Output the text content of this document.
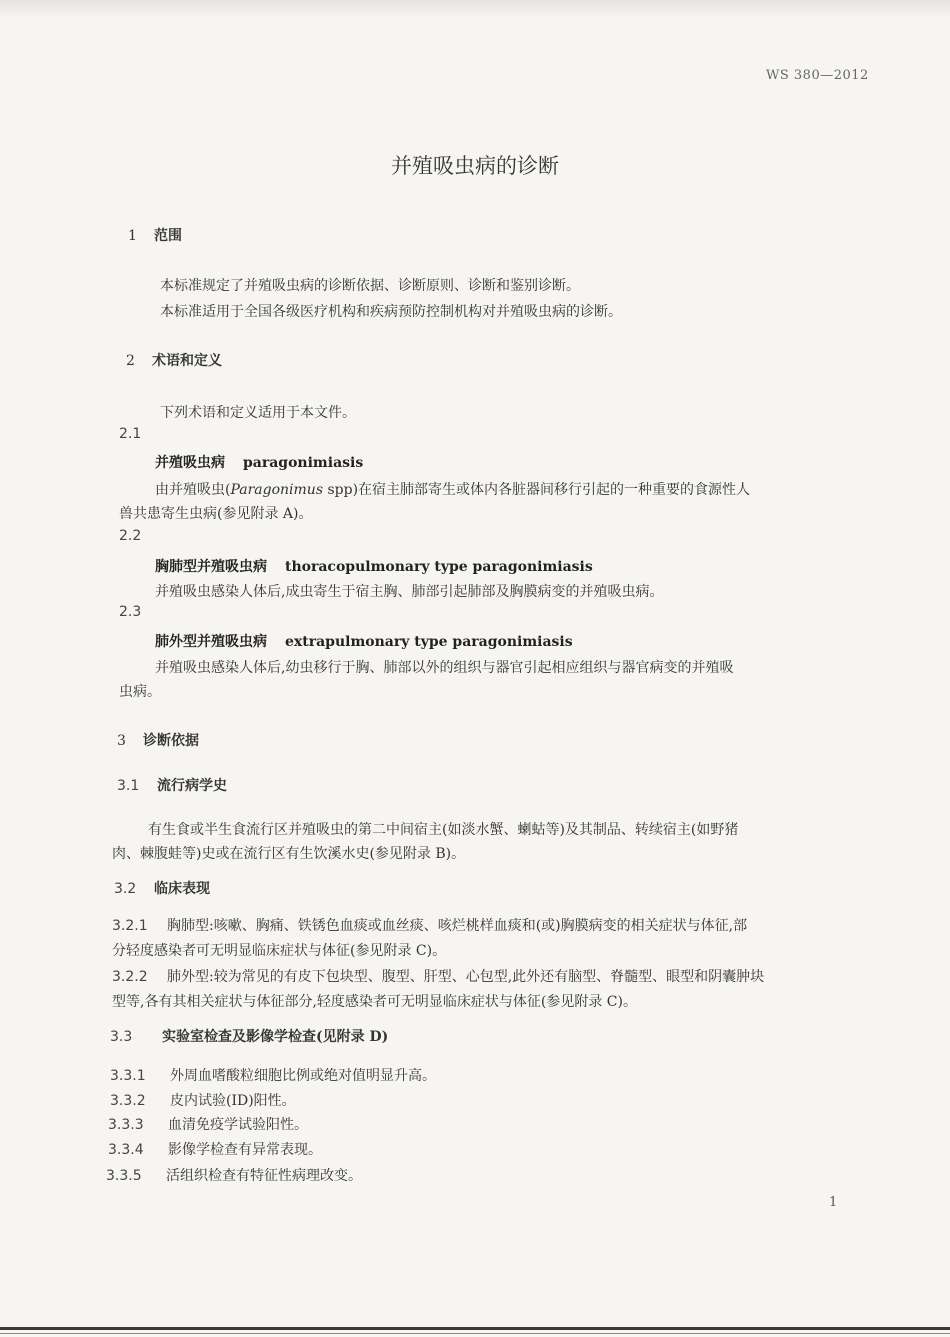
WS 380—2012
并殖吸虫病的诊断
1 范围
本标准规定了并殖吸虫病的诊断依据、诊断原则、诊断和鉴别诊断。
本标准适用于全国各级医疗机构和疾病预防控制机构对并殖吸虫病的诊断。
2 术语和定义
下列术语和定义适用于本文件。
2.1
并殖吸虫病 paragonimiasis
由并殖吸虫(Paragonimus spp)在宿主肺部寄生或体内各脏器间移行引起的一种重要的食源性人
兽共患寄生虫病(参见附录 A)。
2.2
胸肺型并殖吸虫病 thoracopulmonary type paragonimiasis
并殖吸虫感染人体后,成虫寄生于宿主胸、肺部引起肺部及胸膜病变的并殖吸虫病。
2.3
肺外型并殖吸虫病 extrapulmonary type paragonimiasis
并殖吸虫感染人体后,幼虫移行于胸、肺部以外的组织与器官引起相应组织与器官病变的并殖吸
虫病。
3 诊断依据
3.1 流行病学史
有生食或半生食流行区并殖吸虫的第二中间宿主(如淡水蟹、蝲蛄等)及其制品、转续宿主(如野猪
肉、棘腹蛙等)史或在流行区有生饮溪水史(参见附录 B)。
3.2 临床表现
3.2.1 胸肺型:咳嗽、胸痛、铁锈色血痰或血丝痰、咳烂桃样血痰和(或)胸膜病变的相关症状与体征,部
分轻度感染者可无明显临床症状与体征(参见附录 C)。
3.2.2 肺外型:较为常见的有皮下包块型、腹型、肝型、心包型,此外还有脑型、脊髓型、眼型和阴囊肿块
型等,各有其相关症状与体征部分,轻度感染者可无明显临床症状与体征(参见附录 C)。
3.3 实验室检查及影像学检查(见附录 D)
3.3.1 外周血嗜酸粒细胞比例或绝对值明显升高。
3.3.2 皮内试验(ID)阳性。
3.3.3 血清免疫学试验阳性。
3.3.4 影像学检查有异常表现。
3.3.5 活组织检查有特征性病理改变。
1
